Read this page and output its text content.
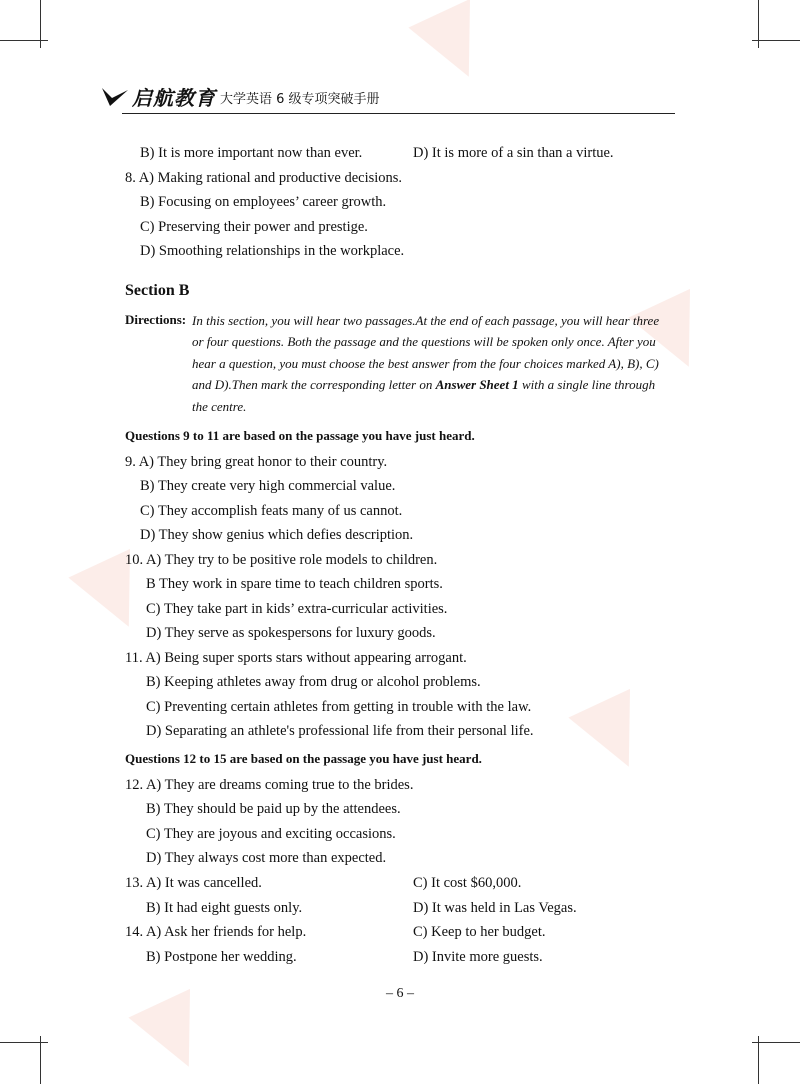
启航教育 大学英语 6 级专项突破手册
B) It is more important now than ever.	D) It is more of a sin than a virtue.
8. A) Making rational and productive decisions.
B) Focusing on employees’ career growth.
C) Preserving their power and prestige.
D) Smoothing relationships in the workplace.
Section B
Directions: In this section, you will hear two passages.At the end of each passage, you will hear three
or four questions. Both the passage and the questions will be spoken only once. After you
hear a question, you must choose the best answer from the four choices marked A), B), C)
and D).Then mark the corresponding letter on Answer Sheet 1 with a single line through
the centre.
Questions 9 to 11 are based on the passage you have just heard.
9. A) They bring great honor to their country.
B) They create very high commercial value.
C) They accomplish feats many of us cannot.
D) They show genius which defies description.
10. A) They try to be positive role models to children.
B They work in spare time to teach children sports.
C) They take part in kids’ extra-curricular activities.
D) They serve as spokespersons for luxury goods.
11. A) Being super sports stars without appearing arrogant.
B) Keeping athletes away from drug or alcohol problems.
C) Preventing certain athletes from getting in trouble with the law.
D) Separating an athlete's professional life from their personal life.
Questions 12 to 15 are based on the passage you have just heard.
12. A) They are dreams coming true to the brides.
B) They should be paid up by the attendees.
C) They are joyous and exciting occasions.
D) They always cost more than expected.
13. A) It was cancelled.	C) It cost $60,000.
B) It had eight guests only.	D) It was held in Las Vegas.
14. A) Ask her friends for help.	C) Keep to her budget.
B) Postpone her wedding.	D) Invite more guests.
– 6 –
